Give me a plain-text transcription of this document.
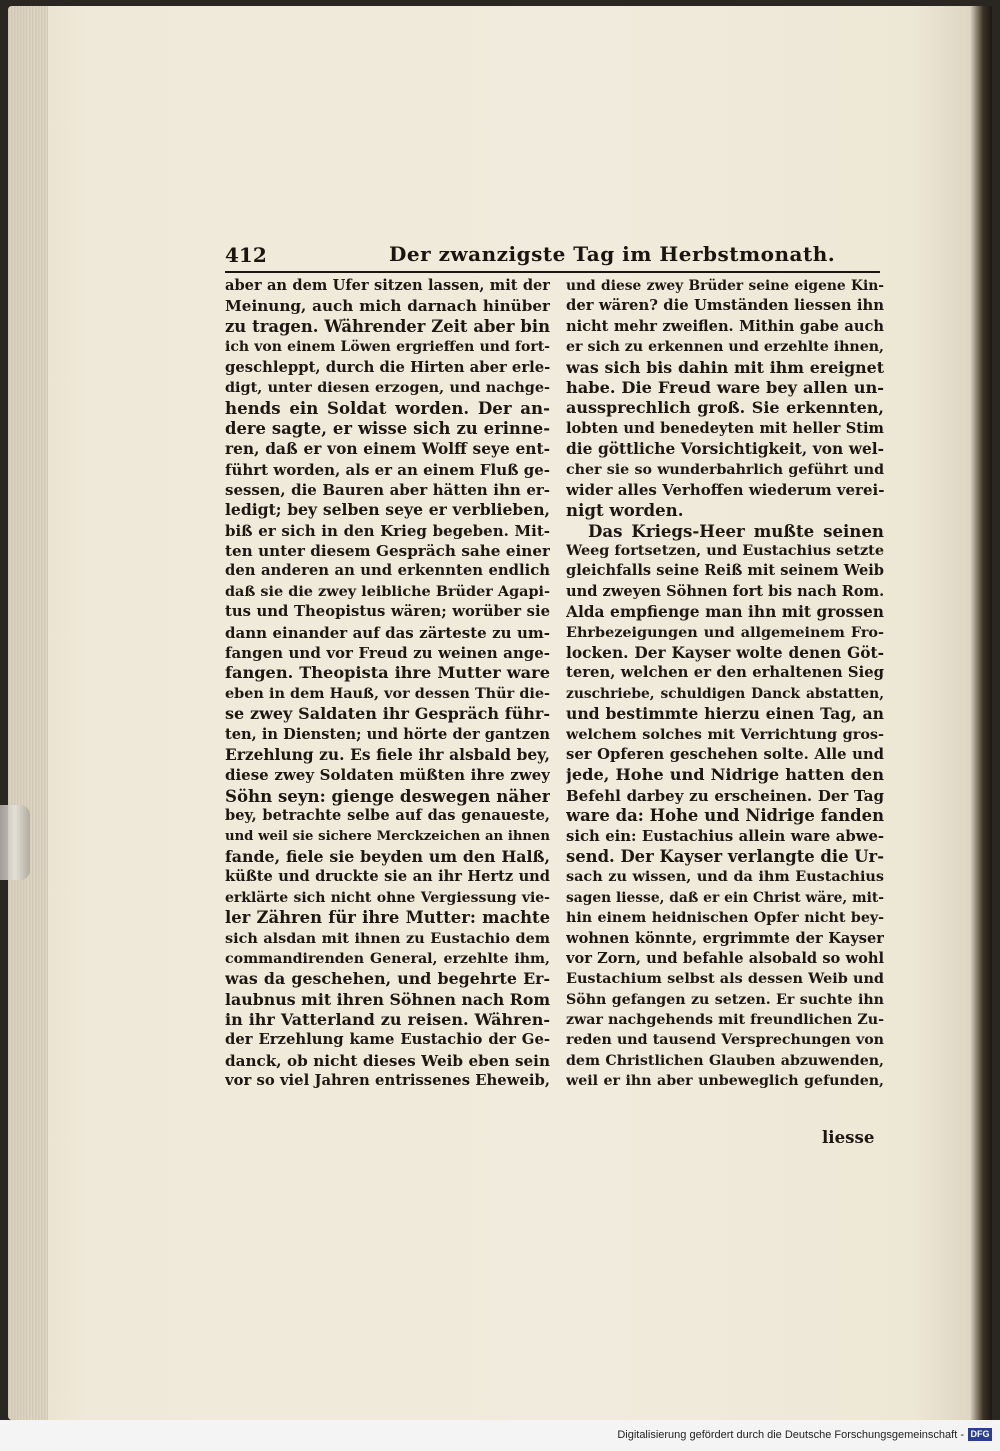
412	Der zwanzigste Tag im Herbstmonath.
aber an dem Ufer sitzen lassen, mit der
Meinung, auch mich darnach hinüber
zu tragen. Währender Zeit aber bin
ich von einem Löwen ergrieffen und fort-
geschleppt, durch die Hirten aber erle-
digt, unter diesen erzogen, und nachge-
hends ein Soldat worden. Der an-
dere sagte, er wisse sich zu erinne-
ren, daß er von einem Wolff seye ent-
führt worden, als er an einem Fluß ge-
sessen, die Bauren aber hätten ihn er-
ledigt; bey selben seye er verblieben,
biß er sich in den Krieg begeben. Mit-
ten unter diesem Gespräch sahe einer
den anderen an und erkennten endlich
daß sie die zwey leibliche Brüder Agapi-
tus und Theopistus wären; worüber sie
dann einander auf das zärteste zu um-
fangen und vor Freud zu weinen ange-
fangen. Theopista ihre Mutter ware
eben in dem Hauß, vor dessen Thür die-
se zwey Saldaten ihr Gespräch führ-
ten, in Diensten; und hörte der gantzen
Erzehlung zu. Es fiele ihr alsbald bey,
diese zwey Soldaten müßten ihre zwey
Söhn seyn: gienge deswegen näher
bey, betrachte selbe auf das genaueste,
und weil sie sichere Merckzeichen an ihnen
fande, fiele sie beyden um den Halß,
küßte und druckte sie an ihr Hertz und
erklärte sich nicht ohne Vergiessung vie-
ler Zähren für ihre Mutter: machte
sich alsdan mit ihnen zu Eustachio dem
commandirenden General, erzehlte ihm,
was da geschehen, und begehrte Er-
laubnus mit ihren Söhnen nach Rom
in ihr Vatterland zu reisen. Währen-
der Erzehlung kame Eustachio der Ge-
danck, ob nicht dieses Weib eben sein
vor so viel Jahren entrissenes Eheweib,
und diese zwey Brüder seine eigene Kin-
der wären? die Umständen liessen ihn
nicht mehr zweiflen. Mithin gabe auch
er sich zu erkennen und erzehlte ihnen,
was sich bis dahin mit ihm ereignet
habe. Die Freud ware bey allen un-
aussprechlich groß. Sie erkennten,
lobten und benedeyten mit heller Stim
die göttliche Vorsichtigkeit, von wel-
cher sie so wunderbahrlich geführt und
wider alles Verhoffen wiederum verei-
nigt worden.
Das Kriegs-Heer mußte seinen
Weeg fortsetzen, und Eustachius setzte
gleichfalls seine Reiß mit seinem Weib
und zweyen Söhnen fort bis nach Rom.
Alda empfienge man ihn mit grossen
Ehrbezeigungen und allgemeinem Fro-
locken. Der Kayser wolte denen Göt-
teren, welchen er den erhaltenen Sieg
zuschriebe, schuldigen Danck abstatten,
und bestimmte hierzu einen Tag, an
welchem solches mit Verrichtung gros-
ser Opferen geschehen solte. Alle und
jede, Hohe und Nidrige hatten den
Befehl darbey zu erscheinen. Der Tag
ware da: Hohe und Nidrige fanden
sich ein: Eustachius allein ware abwe-
send. Der Kayser verlangte die Ur-
sach zu wissen, und da ihm Eustachius
sagen liesse, daß er ein Christ wäre, mit-
hin einem heidnischen Opfer nicht bey-
wohnen könnte, ergrimmte der Kayser
vor Zorn, und befahle alsobald so wohl
Eustachium selbst als dessen Weib und
Söhn gefangen zu setzen. Er suchte ihn
zwar nachgehends mit freundlichen Zu-
reden und tausend Versprechungen von
dem Christlichen Glauben abzuwenden,
weil er ihn aber unbeweglich gefunden,
liesse
Digitalisierung gefördert durch die Deutsche Forschungsgemeinschaft - DFG
